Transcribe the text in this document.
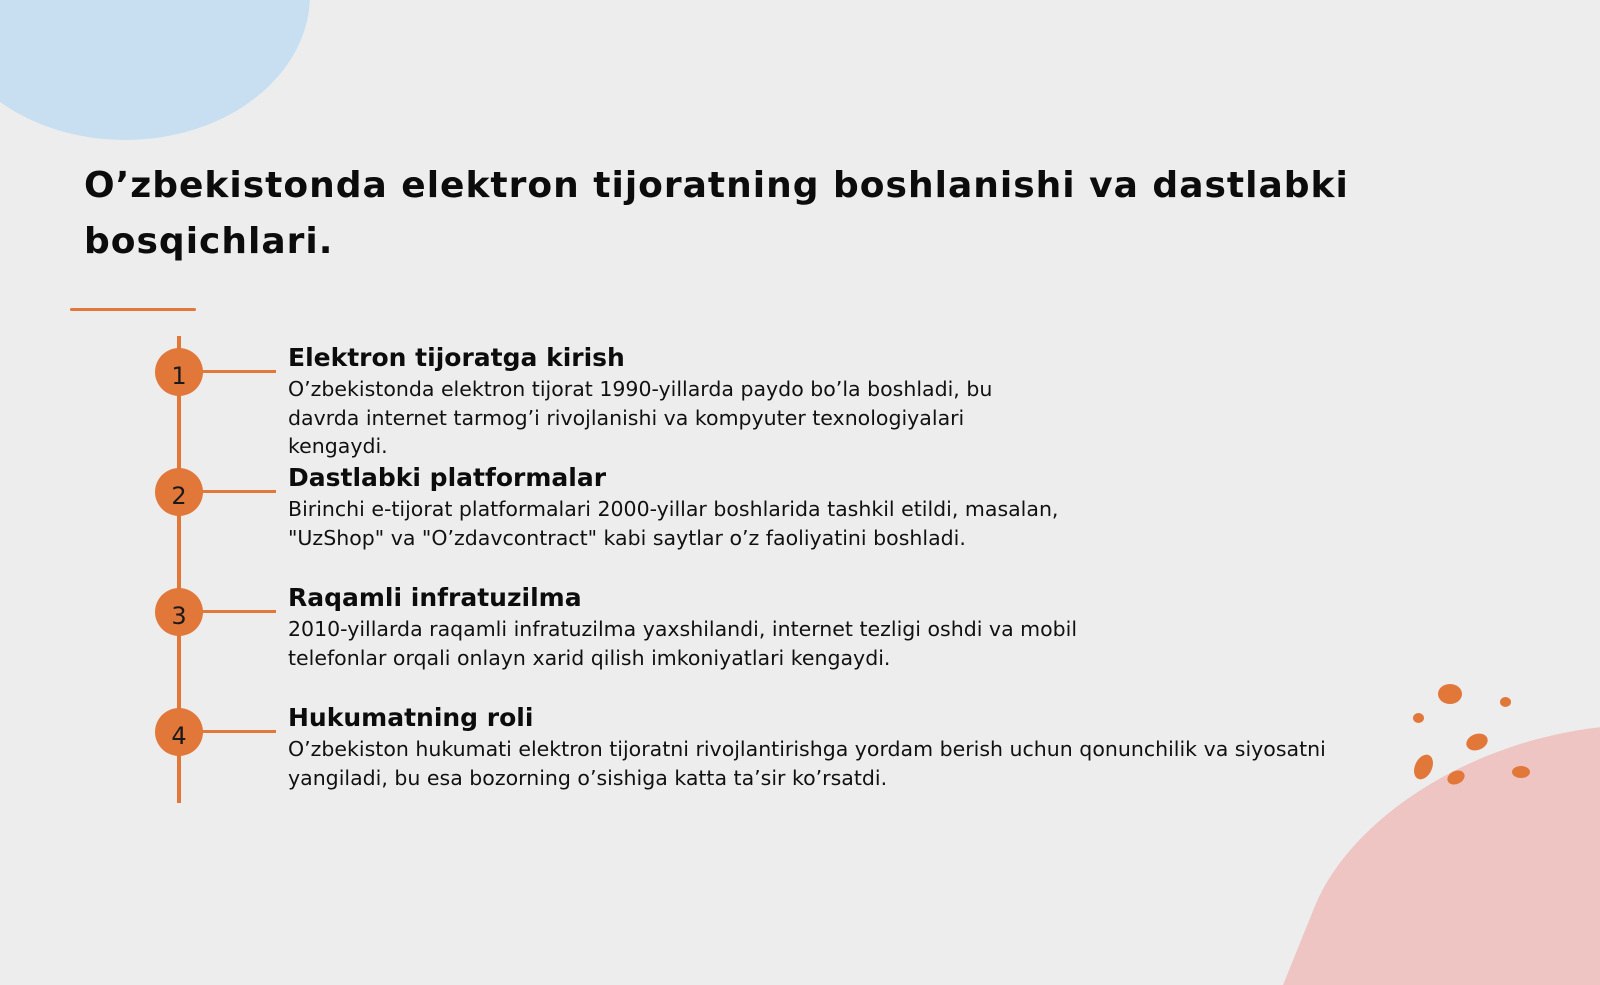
O’zbekistonda elektron tijoratning boshlanishi va dastlabki bosqichlari.
1

Elektron tijoratga kirish

O’zbekistonda elektron tijorat 1990-yillarda paydo bo’la boshladi, bu davrda internet tarmog’i rivojlanishi va kompyuter texnologiyalari kengaydi.

2

Dastlabki platformalar

Birinchi e-tijorat platformalari 2000-yillar boshlarida tashkil etildi, masalan, "UzShop" va "O’zdavcontract" kabi saytlar o’z faoliyatini boshladi.

3

Raqamli infratuzilma

2010-yillarda raqamli infratuzilma yaxshilandi, internet tezligi oshdi va mobil telefonlar orqali onlayn xarid qilish imkoniyatlari kengaydi.

4

Hukumatning roli

O’zbekiston hukumati elektron tijoratni rivojlantirishga yordam berish uchun qonunchilik va siyosatni yangiladi, bu esa bozorning o’sishiga katta ta’sir ko’rsatdi.
